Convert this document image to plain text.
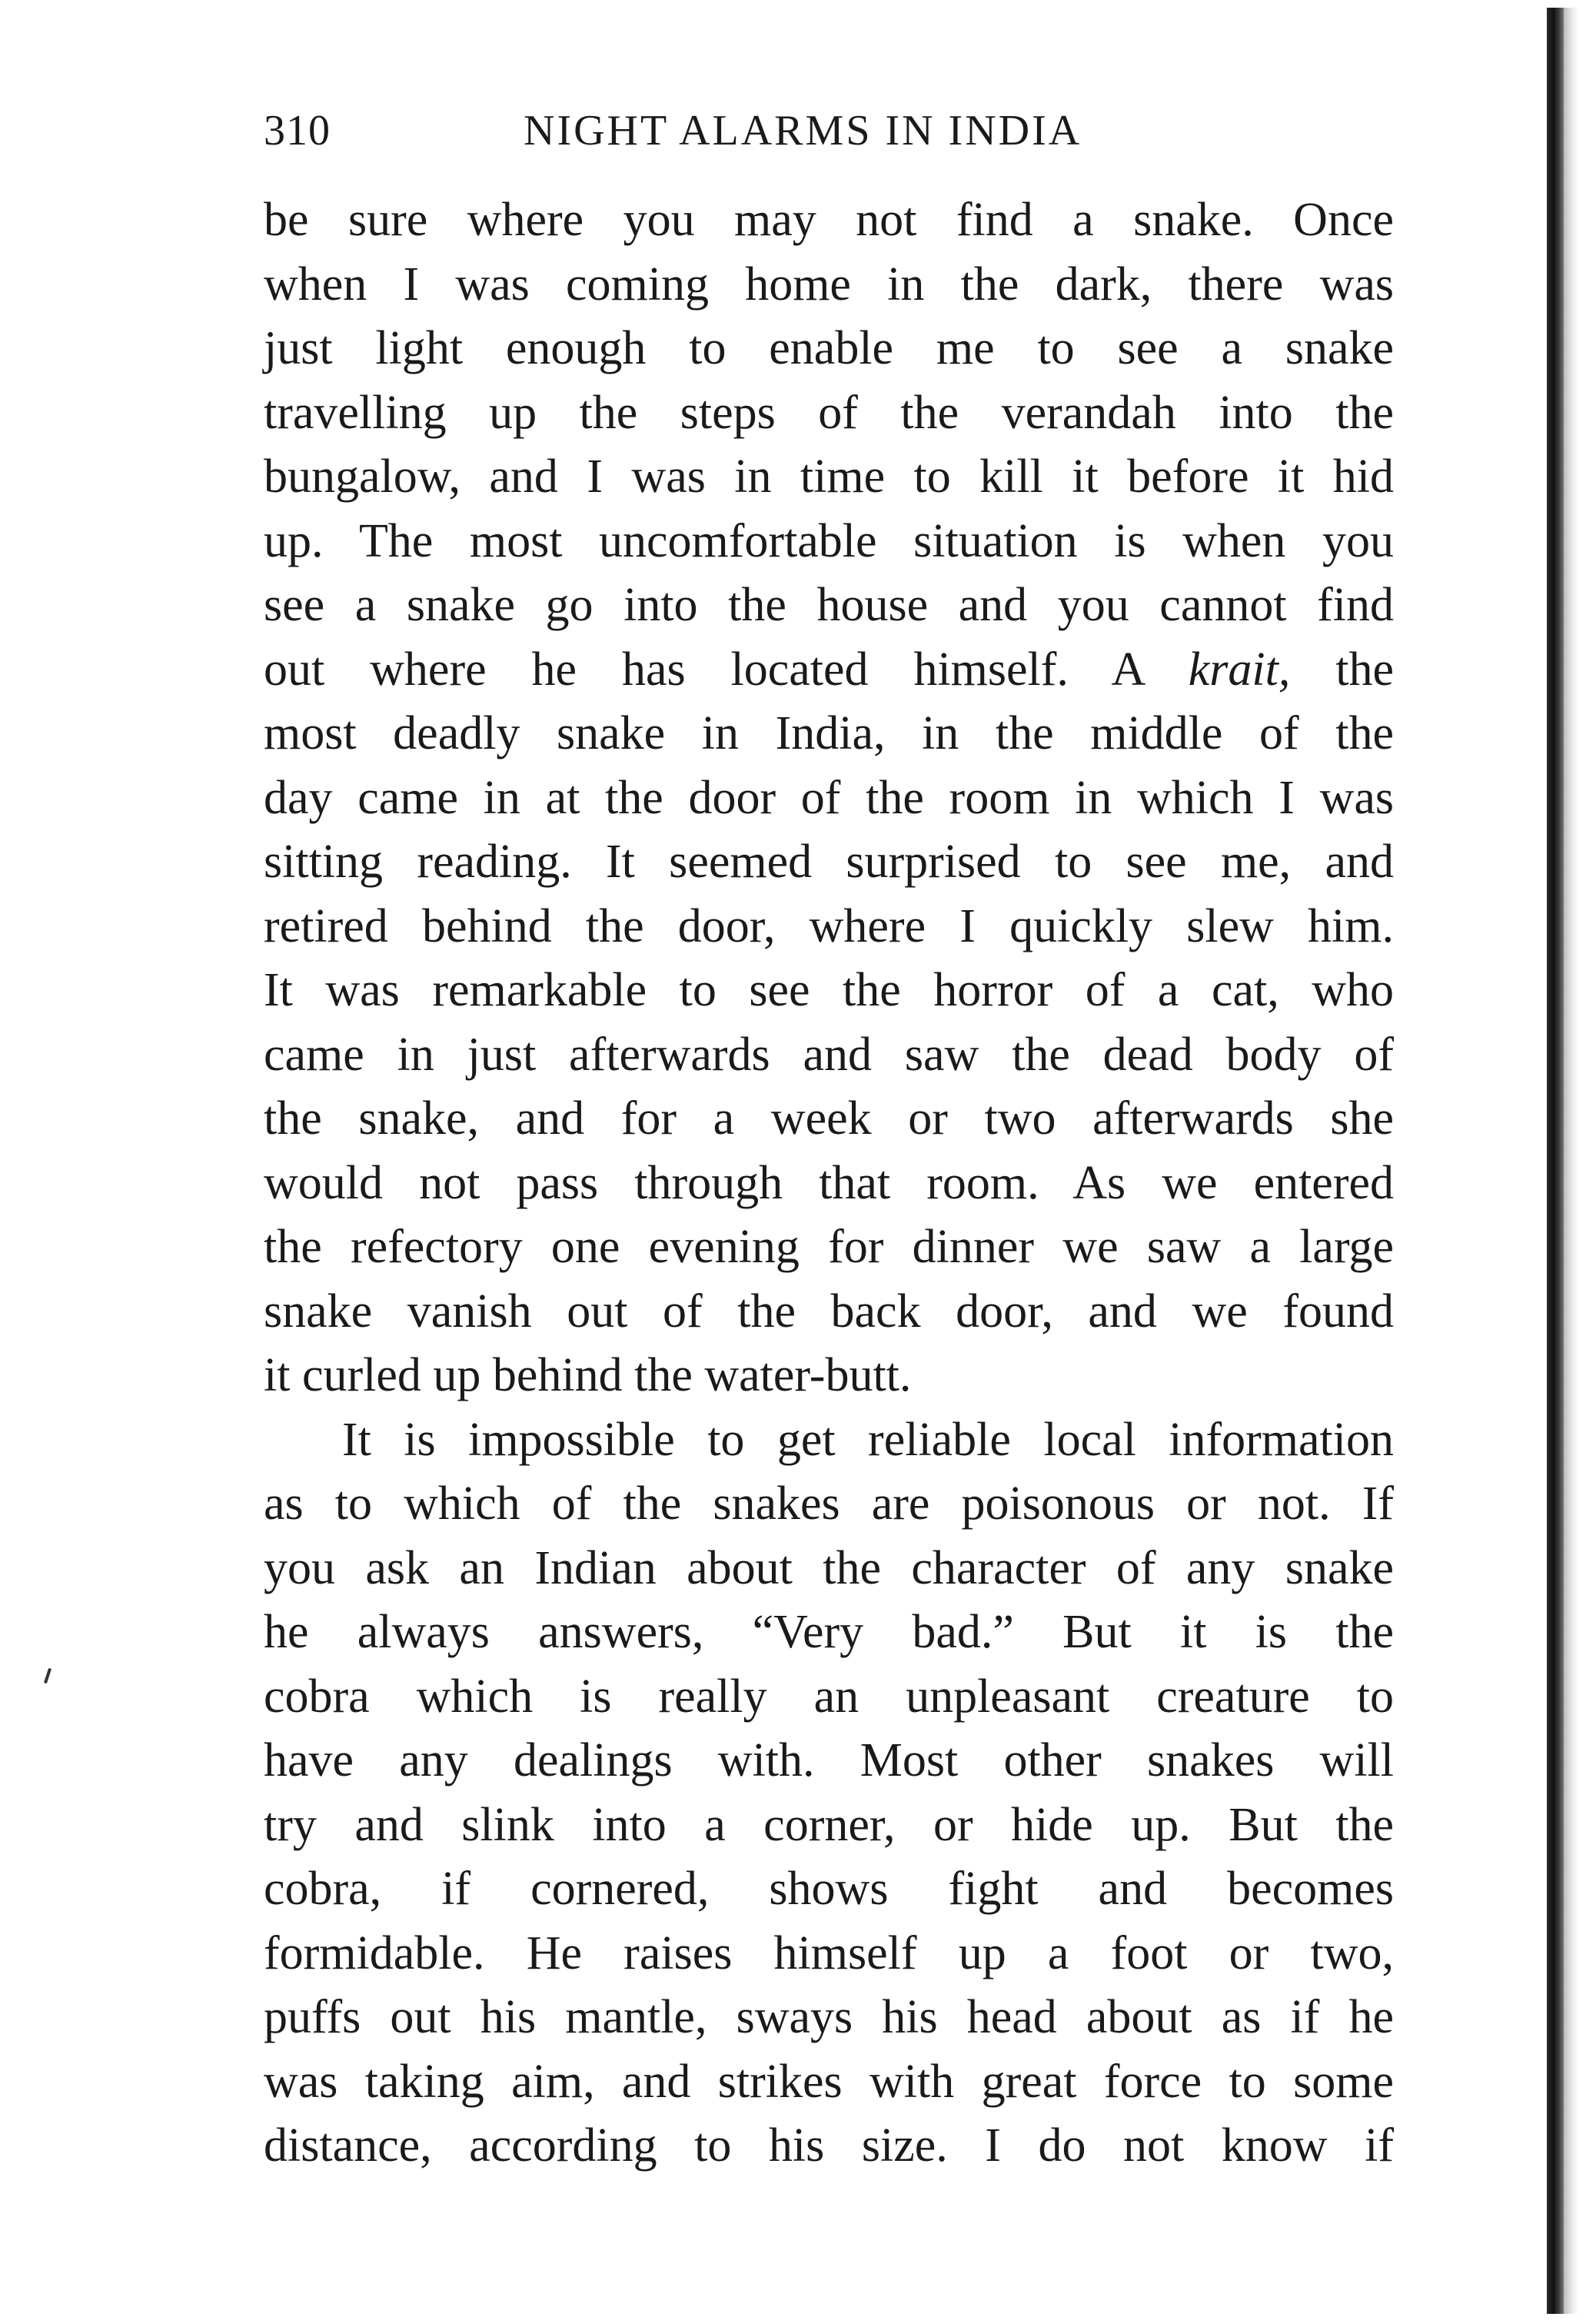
310	NIGHT ALARMS IN INDIA
be sure where you may not find a snake. Once
when I was coming home in the dark, there was
just light enough to enable me to see a snake
travelling up the steps of the verandah into the
bungalow, and I was in time to kill it before it hid
up. The most uncomfortable situation is when you
see a snake go into the house and you cannot find
out where he has located himself. A krait, the
most deadly snake in India, in the middle of the
day came in at the door of the room in which I was
sitting reading. It seemed surprised to see me, and
retired behind the door, where I quickly slew him.
It was remarkable to see the horror of a cat, who
came in just afterwards and saw the dead body of
the snake, and for a week or two afterwards she
would not pass through that room. As we entered
the refectory one evening for dinner we saw a large
snake vanish out of the back door, and we found
it curled up behind the water-butt.
It is impossible to get reliable local information
as to which of the snakes are poisonous or not. If
you ask an Indian about the character of any snake
he always answers, “Very bad.” But it is the
cobra which is really an unpleasant creature to
have any dealings with. Most other snakes will
try and slink into a corner, or hide up. But the
cobra, if cornered, shows fight and becomes
formidable. He raises himself up a foot or two,
puffs out his mantle, sways his head about as if he
was taking aim, and strikes with great force to some
distance, according to his size. I do not know if
